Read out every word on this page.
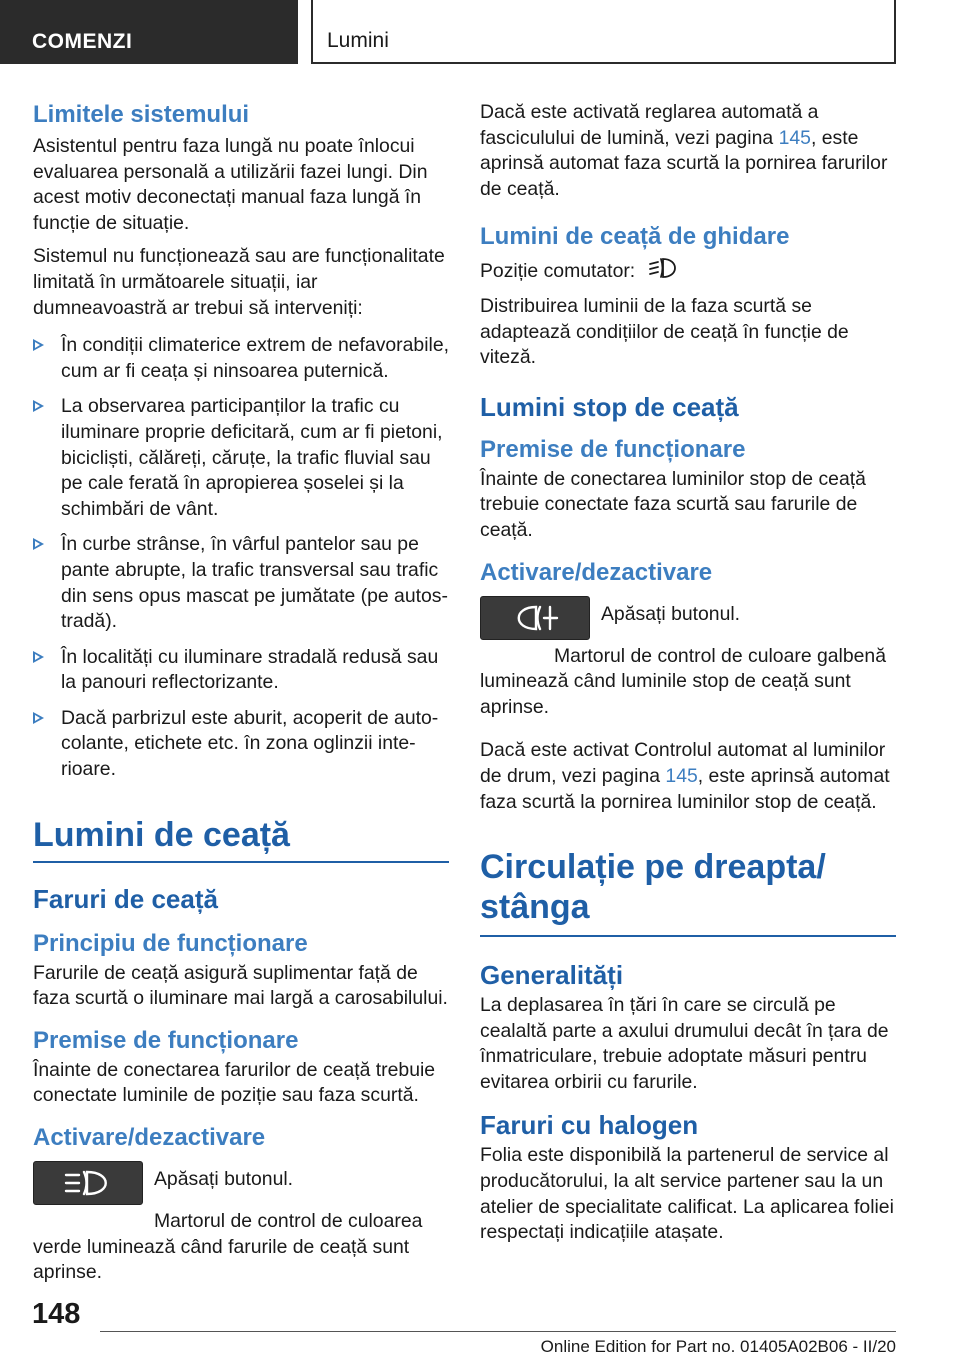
COMENZI	Lumini
Limitele sistemului

Asistentul pentru faza lungă nu poate înlocui evaluarea personală a utilizării fazei lungi. Din acest motiv deconectați manual faza lungă în funcție de situație.

Sistemul nu funcționează sau are funcționalitate limitată în următoarele situații, iar dumneavoastră ar trebui să interveniți:

În condiții climaterice extrem de nefavorabile, cum ar fi ceața și ninsoarea puternică.
La observarea participanților la trafic cu iluminare proprie deficitară, cum ar fi pietoni, bicicliști, călăreți, căruțe, la trafic fluvial sau pe cale ferată în apropierea șoselei și la schimbări de vânt.
În curbe strânse, în vârful pantelor sau pe pante abrupte, la trafic transversal sau trafic din sens opus mascat pe jumătate (pe autostradă).
În localități cu iluminare stradală redusă sau la panouri reflectorizante.
Dacă parbrizul este aburit, acoperit de autocolante, etichete etc. în zona oglinzii interioare.
Lumini de ceață
Faruri de ceață
Principiu de funcționare

Farurile de ceață asigură suplimentar față de faza scurtă o iluminare mai largă a carosabilului.

Premise de funcționare

Înainte de conectarea farurilor de ceață trebuie conectate luminile de poziție sau faza scurtă.

Activare/dezactivare

Apăsați butonul.

Martorul de control de culoarea verde luminează când farurile de ceață sunt aprinse.

Dacă este activată reglarea automată a fasciculului de lumină, vezi pagina 145, este aprinsă automat faza scurtă la pornirea farurilor de ceață.

Lumini de ceață de ghidare

Poziție comutator:

Distribuirea luminii de la faza scurtă se adaptează condițiilor de ceață în funcție de viteză.

Lumini stop de ceață
Premise de funcționare

Înainte de conectarea luminilor stop de ceață trebuie conectate faza scurtă sau farurile de ceață.

Activare/dezactivare

Apăsați butonul.

Martorul de control de culoare galbenă luminează când luminile stop de ceață sunt aprinse.

Dacă este activat Controlul automat al luminilor de drum, vezi pagina 145, este aprinsă automat faza scurtă la pornirea luminilor stop de ceață.

Circulație pe dreapta/ stânga
Generalități

La deplasarea în țări în care se circulă pe cealaltă parte a axului drumului decât în țara de înmatriculare, trebuie adoptate măsuri pentru evitarea orbirii cu farurile.

Faruri cu halogen

Folia este disponibilă la partenerul de service al producătorului, la alt service partener sau la un atelier de specialitate calificat. La aplicarea foliei respectați indicațiile atașate.

148
Online Edition for Part no. 01405A02B06 - II/20
